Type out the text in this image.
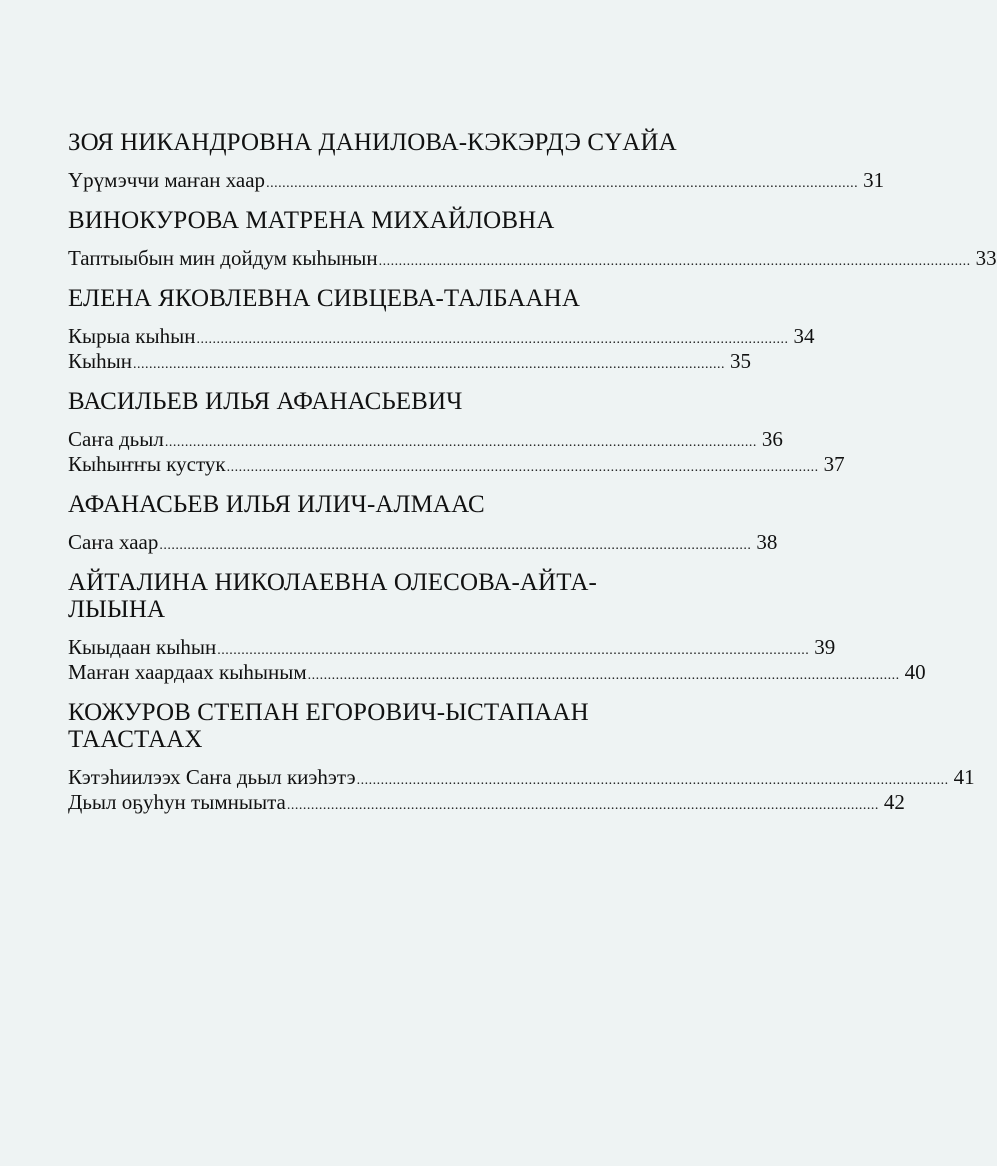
ЗОЯ НИКАНДРОВНА ДАНИЛОВА-КЭКЭРДЭ СҮАЙА
Үрүмэччи маҥан хаар .................................................................................................................................................... 31
ВИНОКУРОВА МАТРЕНА МИХАЙЛОВНА
Таптыыбын мин дойдум кыһынын .................................................................................................................................................... 33
ЕЛЕНА ЯКОВЛЕВНА СИВЦЕВА-ТАЛБААНА
Кырыа кыһын .................................................................................................................................................... 34
Кыһын .................................................................................................................................................... 35
ВАСИЛЬЕВ ИЛЬЯ АФАНАСЬЕВИЧ
Саҥа дьыл .................................................................................................................................................... 36
Кыһыҥҥы кустук .................................................................................................................................................... 37
АФАНАСЬЕВ ИЛЬЯ ИЛИЧ-АЛМААС
Саҥа хаар .................................................................................................................................................... 38
АЙТАЛИНА НИКОЛАЕВНА ОЛЕСОВА-АЙТА-ЛЫЫНА
Кыыдаан кыһын .................................................................................................................................................... 39
Маҥан хаардаах кыһыным .................................................................................................................................................... 40
КОЖУРОВ СТЕПАН ЕГОРОВИЧ-ЫСТАПААН ТААСТААХ
Кэтэһиилээх Саҥа дьыл киэһэтэ .................................................................................................................................................... 41
Дьыл оҕуһун тымныыта .................................................................................................................................................... 42
